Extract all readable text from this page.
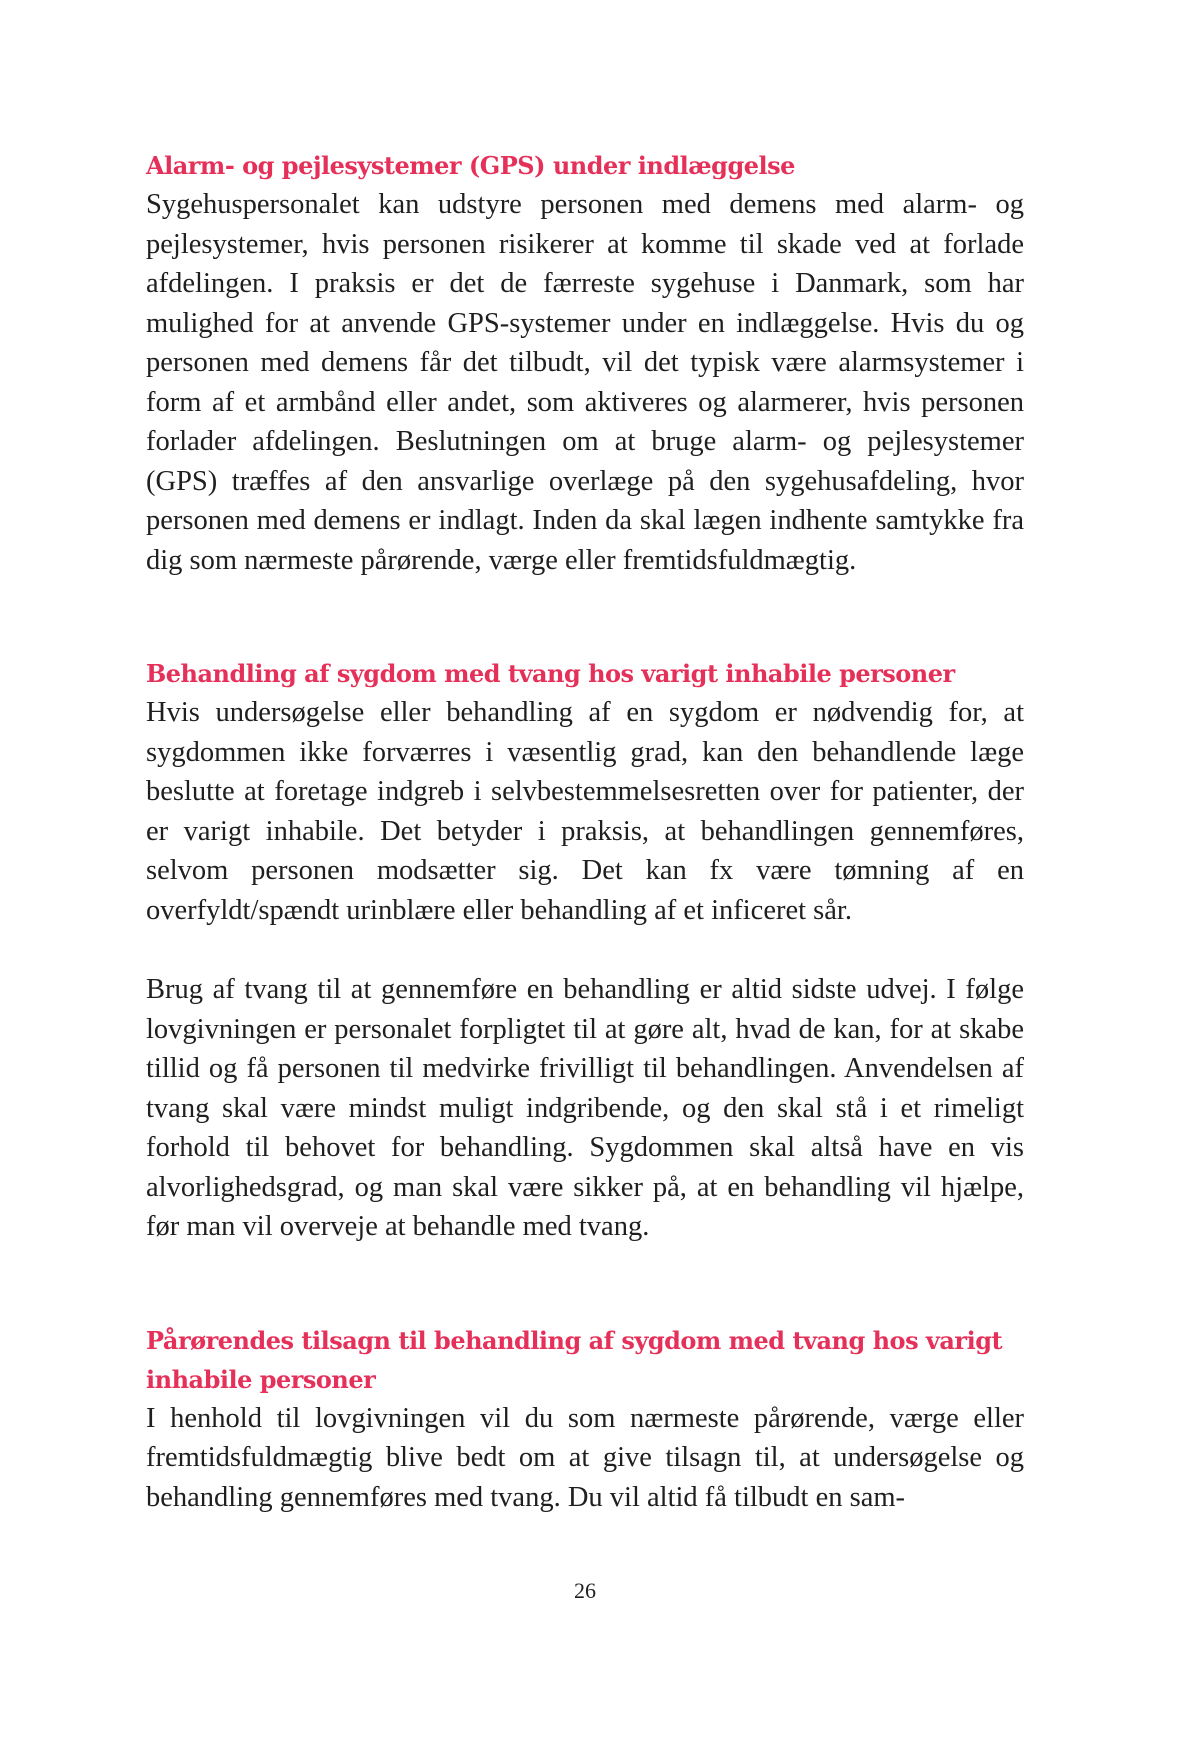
Alarm- og pejlesystemer (GPS) under indlæggelse

Sygehuspersonalet kan udstyre personen med demens med alarm- og pejlesystemer, hvis personen risikerer at komme til skade ved at forlade afdelingen. I praksis er det de færreste sygehuse i Danmark, som har mulighed for at anvende GPS-systemer under en indlæggelse. Hvis du og personen med demens får det tilbudt, vil det typisk være alarmsystemer i form af et armbånd eller andet, som aktiveres og alarmerer, hvis personen forlader afdelingen. Beslutningen om at bruge alarm- og pejlesystemer (GPS) træffes af den ansvarlige overlæge på den sygehusafdeling, hvor personen med demens er indlagt. Inden da skal lægen indhente samtykke fra dig som nærmeste pårørende, værge eller fremtidsfuldmægtig.

Behandling af sygdom med tvang hos varigt inhabile personer

Hvis undersøgelse eller behandling af en sygdom er nødvendig for, at sygdommen ikke forværres i væsentlig grad, kan den behandlende læge beslutte at foretage indgreb i selvbestemmelsesretten over for patienter, der er varigt inhabile. Det betyder i praksis, at behandlingen gennemføres, selvom personen modsætter sig. Det kan fx være tømning af en overfyldt/spændt urinblære eller behandling af et inficeret sår.

Brug af tvang til at gennemføre en behandling er altid sidste udvej. I følge lovgivningen er personalet forpligtet til at gøre alt, hvad de kan, for at skabe tillid og få personen til medvirke frivilligt til behandlingen. Anvendelsen af tvang skal være mindst muligt indgribende, og den skal stå i et rimeligt forhold til behovet for behandling. Sygdommen skal altså have en vis alvorlighedsgrad, og man skal være sikker på, at en behandling vil hjælpe, før man vil overveje at behandle med tvang.

Pårørendes tilsagn til behandling af sygdom med tvang hos varigt inhabile personer

I henhold til lovgivningen vil du som nærmeste pårørende, værge eller fremtidsfuldmægtig blive bedt om at give tilsagn til, at undersøgelse og behandling gennemføres med tvang. Du vil altid få tilbudt en sam-

26
